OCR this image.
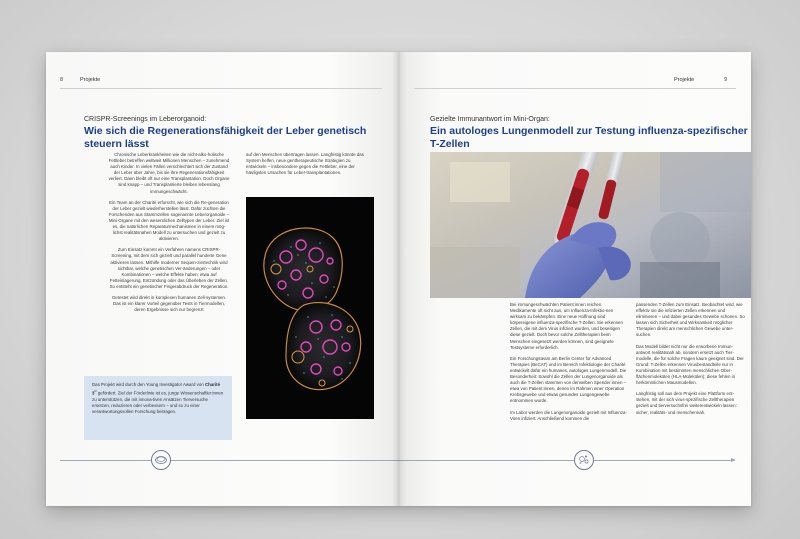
8	Projekte
CRISPR-Screenings im Leberorganoid:
Wie sich die Regenerationsfähigkeit der Leber genetisch steuern lässt

Chronische Leberkrankheiten wie die nicht-alko-holische Fettleber betreffen weltweit Millionen Menschen – zunehmend auch Kinder. In vielen Fällen verschlechtert sich der Zustand der Leber über Jahre, bis sie ihre Regenerationsfähigkeit verliert. Dann bleibt oft nur eine Transplantation. Doch Organe sind knapp – und Transplantierte bleiben lebenslang immungeschwächt.

Ein Team an der Charité erforscht, wie sich die Re-generation der Leber gezielt wiederherstellen lässt. Dafür züchten die Forschenden aus Stammzellen sogenannte Leberorganoide – Mini-Organe mit den wesentlichen Zelltypen der Leber. Ziel ist es, die natürlichen Reparaturmechanismen in einem mög-lichst realitätsnahen Modell zu untersuchen und gezielt zu aktivieren.

Zum Einsatz kommt ein Verfahren namens CRISPR-Screening, mit dem sich gezielt und parallel hunderte Gene aktivieren lassen. Mithilfe moderner Sequen-ziertechnik wird sichtbar, welche genetischen Ver-änderungen – oder Kombinationen – welche Effekte haben: etwa auf Fetteinlagerung, Entzündung oder das Überleben der Zellen. So entsteht ein genetischer Fingerabdruck der Regeneration.

Getestet wird direkt in komplexen humanen Zell-systemen. Das ist ein klarer Vorteil gegenüber Tests in Tiermodellen, deren Ergebnisse sich nur begrenzt

auf den Menschen übertragen lassen. Langfristig könnte das System helfen, neue gentherapeutische Strategien zu entwickeln – insbesondere gegen die Fettleber, eine der häufigsten Ursachen für Leber-transplantationen.

Das Projekt wird durch den Young Investigator Award von Charité $3^R$ gefördert. Ziel der Förderlinie ist es, junge Wissenschaftler:innen zu unterstützen, die mit innova-tiven Ansätzen Tierversuche ersetzen, reduzieren oder verbessern – und so zu einer verantwortungsvollen Forschung beitragen.
Projekte	9
Gezielte Immunantwort im Mini-Organ:
Ein autologes Lungenmodell zur Testung influenza-spezifischer T-Zellen

Bei immungeschwächten Patient:innen reichen Medikamente oft nicht aus, um Influenza-Infektio-nen wirksam zu bekämpfen. Eine neue Hoffnung sind körpereigene influenza-spezifische T-Zellen. Sie erkennen Zellen, die mit dem Virus infiziert wurden, und beseitigen diese gezielt. Doch bevor solche Zelltherapien beim Menschen eingesetzt werden können, sind geeignete Testsysteme erforderlich.

Ein Forschungsteam am Berlin Center for Advanced Therapies (BeCAT) und im Bereich Infektiologie der Charité entwickelt dafür ein humanes, autologes Lungenmodell. Die Besonderheit: Sowohl die Zellen der Lungenorganoide als auch die T-Zellen stammen von denselben Spender:innen – etwa von Patient:innen, denen im Rahmen einer Operation Krebsgewebe und etwas gesundes Lungengewebe entnommen wurde.

Im Labor werden die Lungenorganoide gezielt mit Influenza-Viren infiziert. Anschließend kommen die

passenden T-Zellen zum Einsatz. Beobachtet wird, wie effektiv sie die infizierten Zellen erkennen und eliminieren – und dabei gesundes Gewebe schonen. So lassen sich Sicherheit und Wirksamkeit möglicher Therapien direkt am menschlichen Gewebe unter-suchen.

Das Modell bildet nicht nur die erworbene Immun-antwort realitätsnah ab, sondern ersetzt auch Tier-modelle, die für solche Fragen kaum geeignet sind. Der Grund: T-Zellen erkennen Virusbestandteile nur in Kombination mit bestimmten menschlichen Ober-flächenmolekülen (HLA-Molekülen); diese fehlen in herkömmlichen Mausmodellen.

Langfristig soll aus dem Projekt eine Plattform ent-stehen, mit der sich virus-spezifische Zelltherapien gezielt und tierversuchsfrei weiterentwickeln lassen: sicher, realitäts- und menschennah.
